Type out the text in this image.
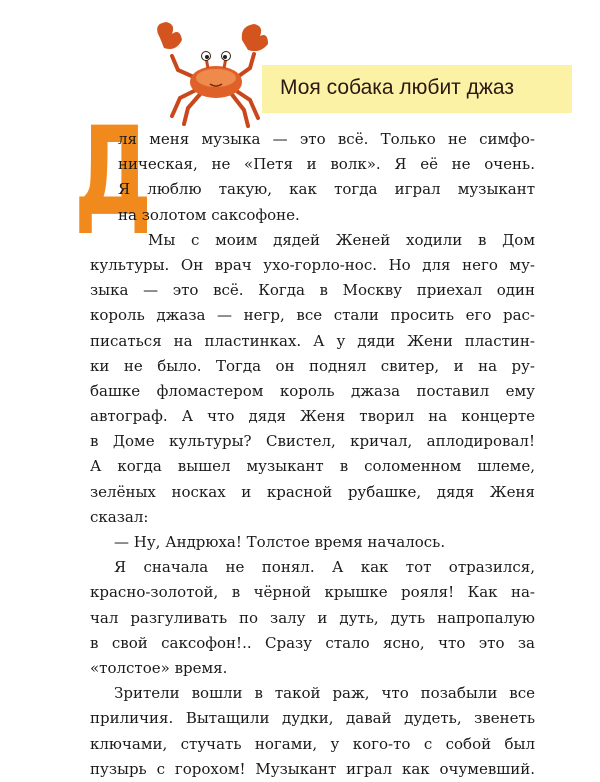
Моя собака любит джаз
Д
ля меня музыка — это всё. Только не симфо-
ническая, не «Петя и волк». Я её не очень.
Я люблю такую, как тогда играл музыкант
на золотом саксофоне.
Мы с моим дядей Женей ходили в Дом
культуры. Он врач ухо-горло-нос. Но для него му-
зыка — это всё. Когда в Москву приехал один
король джаза — негр, все стали просить его рас-
писаться на пластинках. А у дяди Жени пластин-
ки не было. Тогда он поднял свитер, и на ру-
башке фломастером король джаза поставил ему
автограф. А что дядя Женя творил на концерте
в Доме культуры? Свистел, кричал, аплодировал!
А когда вышел музыкант в соломенном шлеме,
зелёных носках и красной рубашке, дядя Женя
сказал:
— Ну, Андрюха! Толстое время началось.
Я сначала не понял. А как тот отразился,
красно-золотой, в чёрной крышке рояля! Как на-
чал разгуливать по залу и дуть, дуть напропалую
в свой саксофон!.. Сразу стало ясно, что это за
«толстое» время.
Зрители вошли в такой раж, что позабыли все
приличия. Вытащили дудки, давай дудеть, звенеть
ключами, стучать ногами, у кого-то с собой был
пузырь с горохом! Музыкант играл как очумевший.
